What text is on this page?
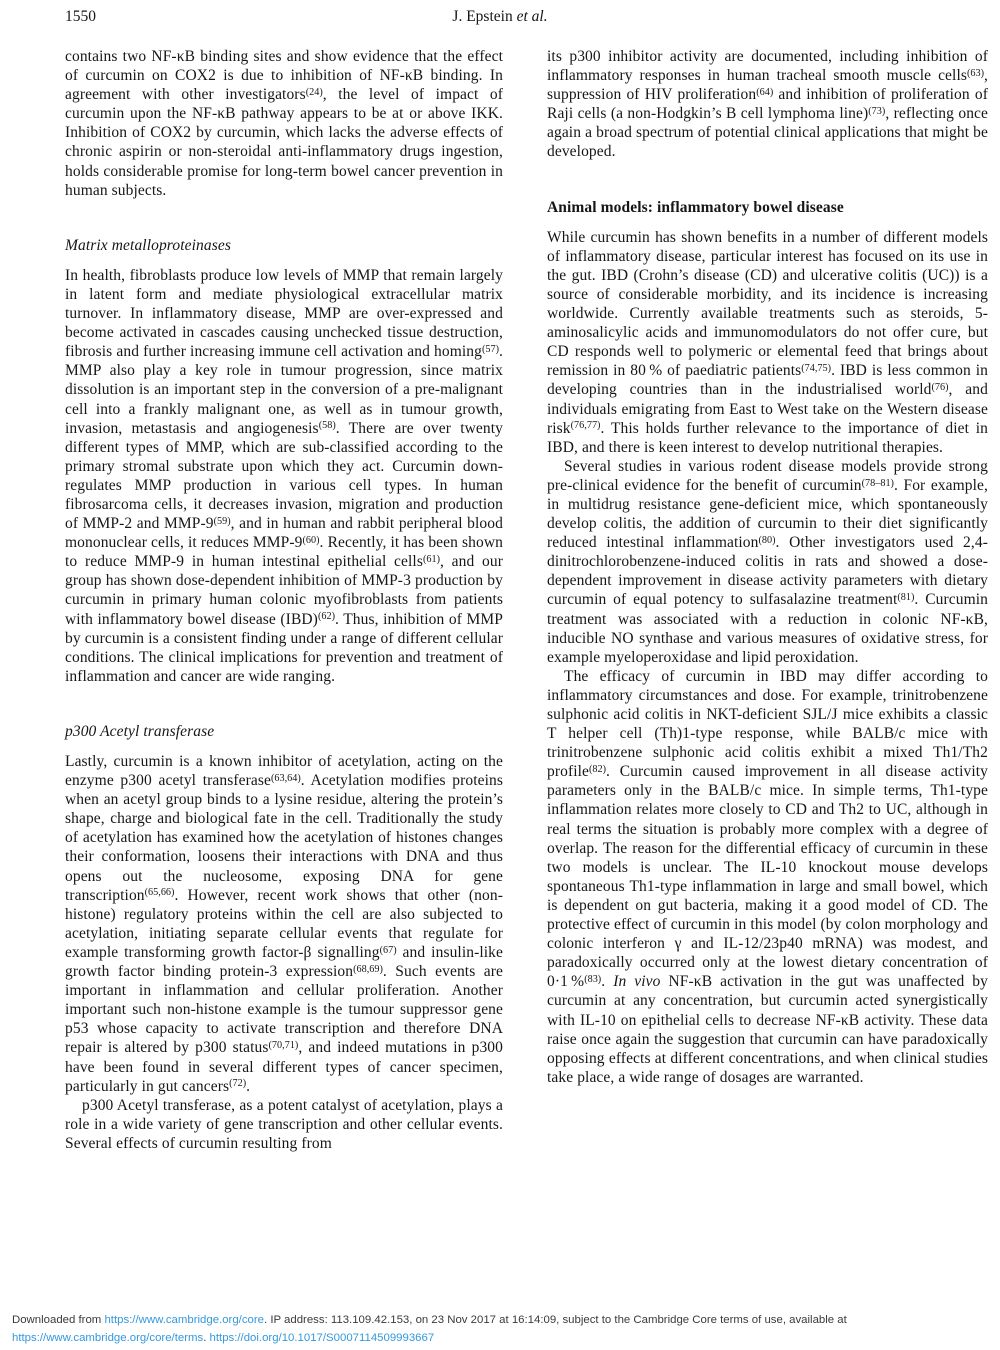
1550	J. Epstein et al.

contains two NF-κB binding sites and show evidence that the effect of curcumin on COX2 is due to inhibition of NF-κB binding. In agreement with other investigators$^{(24)}$, the level of impact of curcumin upon the NF-κB pathway appears to be at or above IKK. Inhibition of COX2 by curcumin, which lacks the adverse effects of chronic aspirin or non-steroidal anti-inflammatory drugs ingestion, holds considerable promise for long-term bowel cancer prevention in human subjects.

Matrix metalloproteinases

In health, fibroblasts produce low levels of MMP that remain largely in latent form and mediate physiological extracellular matrix turnover. In inflammatory disease, MMP are over-expressed and become activated in cascades causing unchecked tissue destruction, fibrosis and further increasing immune cell activation and homing$^{(57)}$. MMP also play a key role in tumour progression, since matrix dissolution is an important step in the conversion of a pre-malignant cell into a frankly malignant one, as well as in tumour growth, invasion, metastasis and angiogenesis$^{(58)}$. There are over twenty different types of MMP, which are sub-classified according to the primary stromal substrate upon which they act. Curcumin down-regulates MMP production in various cell types. In human fibrosarcoma cells, it decreases invasion, migration and production of MMP-2 and MMP-9$^{(59)}$, and in human and rabbit peripheral blood mononuclear cells, it reduces MMP-9$^{(60)}$. Recently, it has been shown to reduce MMP-9 in human intestinal epithelial cells$^{(61)}$, and our group has shown dose-dependent inhibition of MMP-3 production by curcumin in primary human colonic myofibroblasts from patients with inflammatory bowel disease (IBD)$^{(62)}$. Thus, inhibition of MMP by curcumin is a consistent finding under a range of different cellular conditions. The clinical implications for prevention and treatment of inflammation and cancer are wide ranging.

p300 Acetyl transferase

Lastly, curcumin is a known inhibitor of acetylation, acting on the enzyme p300 acetyl transferase$^{(63,64)}$. Acetylation modifies proteins when an acetyl group binds to a lysine residue, altering the protein’s shape, charge and biological fate in the cell. Traditionally the study of acetylation has examined how the acetylation of histones changes their conformation, loosens their interactions with DNA and thus opens out the nucleosome, exposing DNA for gene transcription$^{(65,66)}$. However, recent work shows that other (non-histone) regulatory proteins within the cell are also subjected to acetylation, initiating separate cellular events that regulate for example transforming growth factor-β signalling$^{(67)}$ and insulin-like growth factor binding protein-3 expression$^{(68,69)}$. Such events are important in inflammation and cellular proliferation. Another important such non-histone example is the tumour suppressor gene p53 whose capacity to activate transcription and therefore DNA repair is altered by p300 status$^{(70,71)}$, and indeed mutations in p300 have been found in several different types of cancer specimen, particularly in gut cancers$^{(72)}$.

p300 Acetyl transferase, as a potent catalyst of acetylation, plays a role in a wide variety of gene transcription and other cellular events. Several effects of curcumin resulting from

its p300 inhibitor activity are documented, including inhibition of inflammatory responses in human tracheal smooth muscle cells$^{(63)}$, suppression of HIV proliferation$^{(64)}$ and inhibition of proliferation of Raji cells (a non-Hodgkin’s B cell lymphoma line)$^{(73)}$, reflecting once again a broad spectrum of potential clinical applications that might be developed.

Animal models: inflammatory bowel disease

While curcumin has shown benefits in a number of different models of inflammatory disease, particular interest has focused on its use in the gut. IBD (Crohn’s disease (CD) and ulcerative colitis (UC)) is a source of considerable morbidity, and its incidence is increasing worldwide. Currently available treatments such as steroids, 5-aminosalicylic acids and immunomodulators do not offer cure, but CD responds well to polymeric or elemental feed that brings about remission in 80 % of paediatric patients$^{(74,75)}$. IBD is less common in developing countries than in the industrialised world$^{(76)}$, and individuals emigrating from East to West take on the Western disease risk$^{(76,77)}$. This holds further relevance to the importance of diet in IBD, and there is keen interest to develop nutritional therapies.

Several studies in various rodent disease models provide strong pre-clinical evidence for the benefit of curcumin$^{(78-81)}$. For example, in multidrug resistance gene-deficient mice, which spontaneously develop colitis, the addition of curcumin to their diet significantly reduced intestinal inflammation$^{(80)}$. Other investigators used 2,4-dinitrochlorobenzene-induced colitis in rats and showed a dose-dependent improvement in disease activity parameters with dietary curcumin of equal potency to sulfasalazine treatment$^{(81)}$. Curcumin treatment was associated with a reduction in colonic NF-κB, inducible NO synthase and various measures of oxidative stress, for example myeloperoxidase and lipid peroxidation.

The efficacy of curcumin in IBD may differ according to inflammatory circumstances and dose. For example, trinitrobenzene sulphonic acid colitis in NKT-deficient SJL/J mice exhibits a classic T helper cell (Th)1-type response, while BALB/c mice with trinitrobenzene sulphonic acid colitis exhibit a mixed Th1/Th2 profile$^{(82)}$. Curcumin caused improvement in all disease activity parameters only in the BALB/c mice. In simple terms, Th1-type inflammation relates more closely to CD and Th2 to UC, although in real terms the situation is probably more complex with a degree of overlap. The reason for the differential efficacy of curcumin in these two models is unclear. The IL-10 knockout mouse develops spontaneous Th1-type inflammation in large and small bowel, which is dependent on gut bacteria, making it a good model of CD. The protective effect of curcumin in this model (by colon morphology and colonic interferon γ and IL-12/23p40 mRNA) was modest, and paradoxically occurred only at the lowest dietary concentration of 0·1 %$^{(83)}$. In vivo NF-κB activation in the gut was unaffected by curcumin at any concentration, but curcumin acted synergistically with IL-10 on epithelial cells to decrease NF-κB activity. These data raise once again the suggestion that curcumin can have paradoxically opposing effects at different concentrations, and when clinical studies take place, a wide range of dosages are warranted.

Downloaded from https://www.cambridge.org/core. IP address: 113.109.42.153, on 23 Nov 2017 at 16:14:09, subject to the Cambridge Core terms of use, available at
https://www.cambridge.org/core/terms. https://doi.org/10.1017/S0007114509993667
